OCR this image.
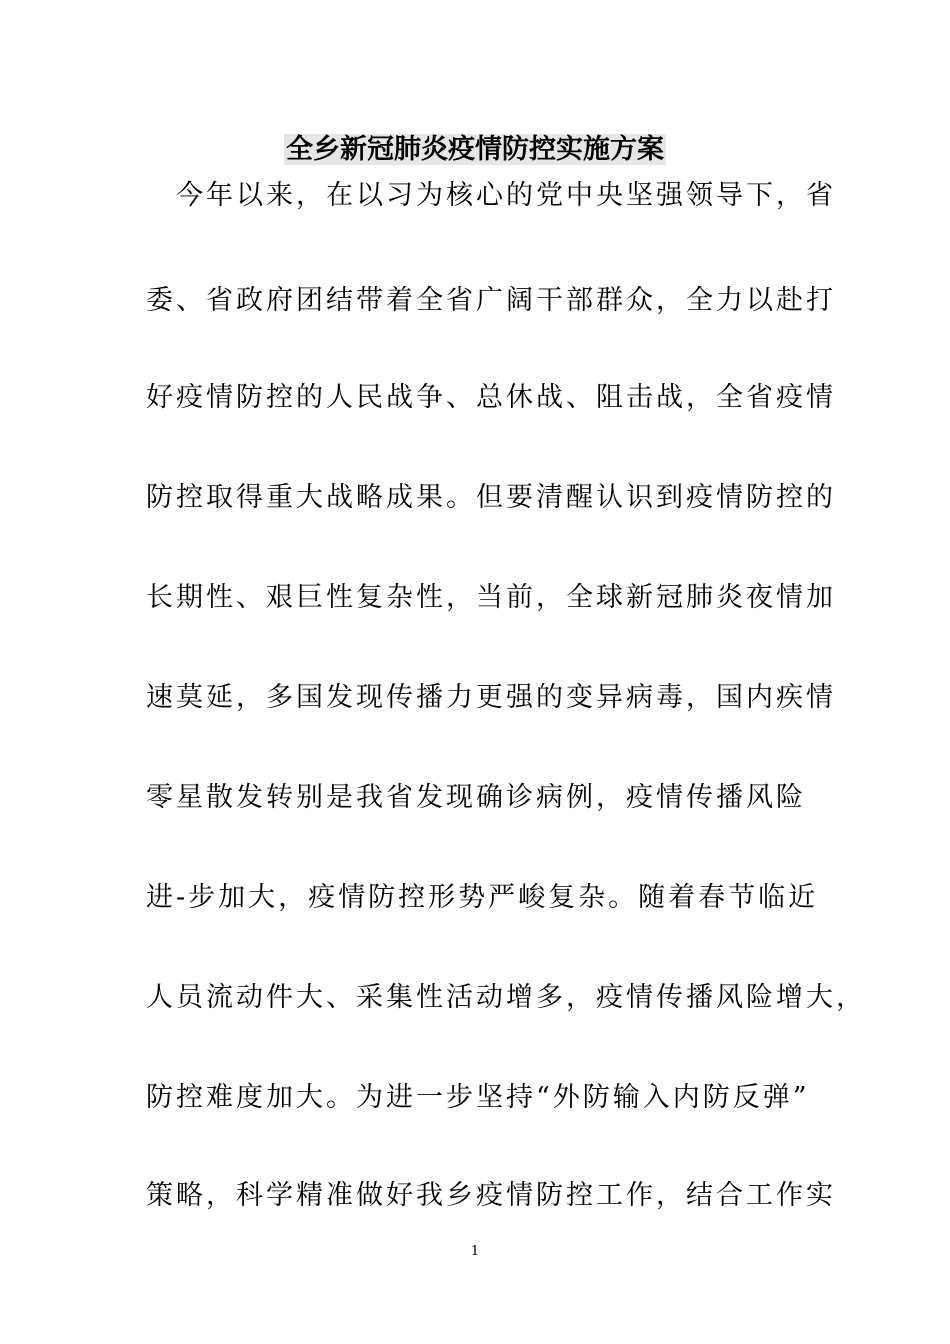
全乡新冠肺炎疫情防控实施方案
　今年以来，在以习为核心的党中央坚强领导下，省
委、省政府团结带着全省广阔干部群众，全力以赴打
好疫情防控的人民战争、总休战、阻击战，全省疫情
防控取得重大战略成果。但要清醒认识到疫情防控的
长期性、艰巨性复杂性，当前，全球新冠肺炎夜情加
速莫延，多国发现传播力更强的变异病毒，国内疾情
零星散发转别是我省发现确诊病例，疫情传播风险
进-步加大，疫情防控形势严峻复杂。随着春节临近
人员流动件大、采集性活动增多，疫情传播风险增大，
防控难度加大。为进一步坚持“外防输入内防反弹”
策略，科学精准做好我乡疫情防控工作，结合工作实
1
